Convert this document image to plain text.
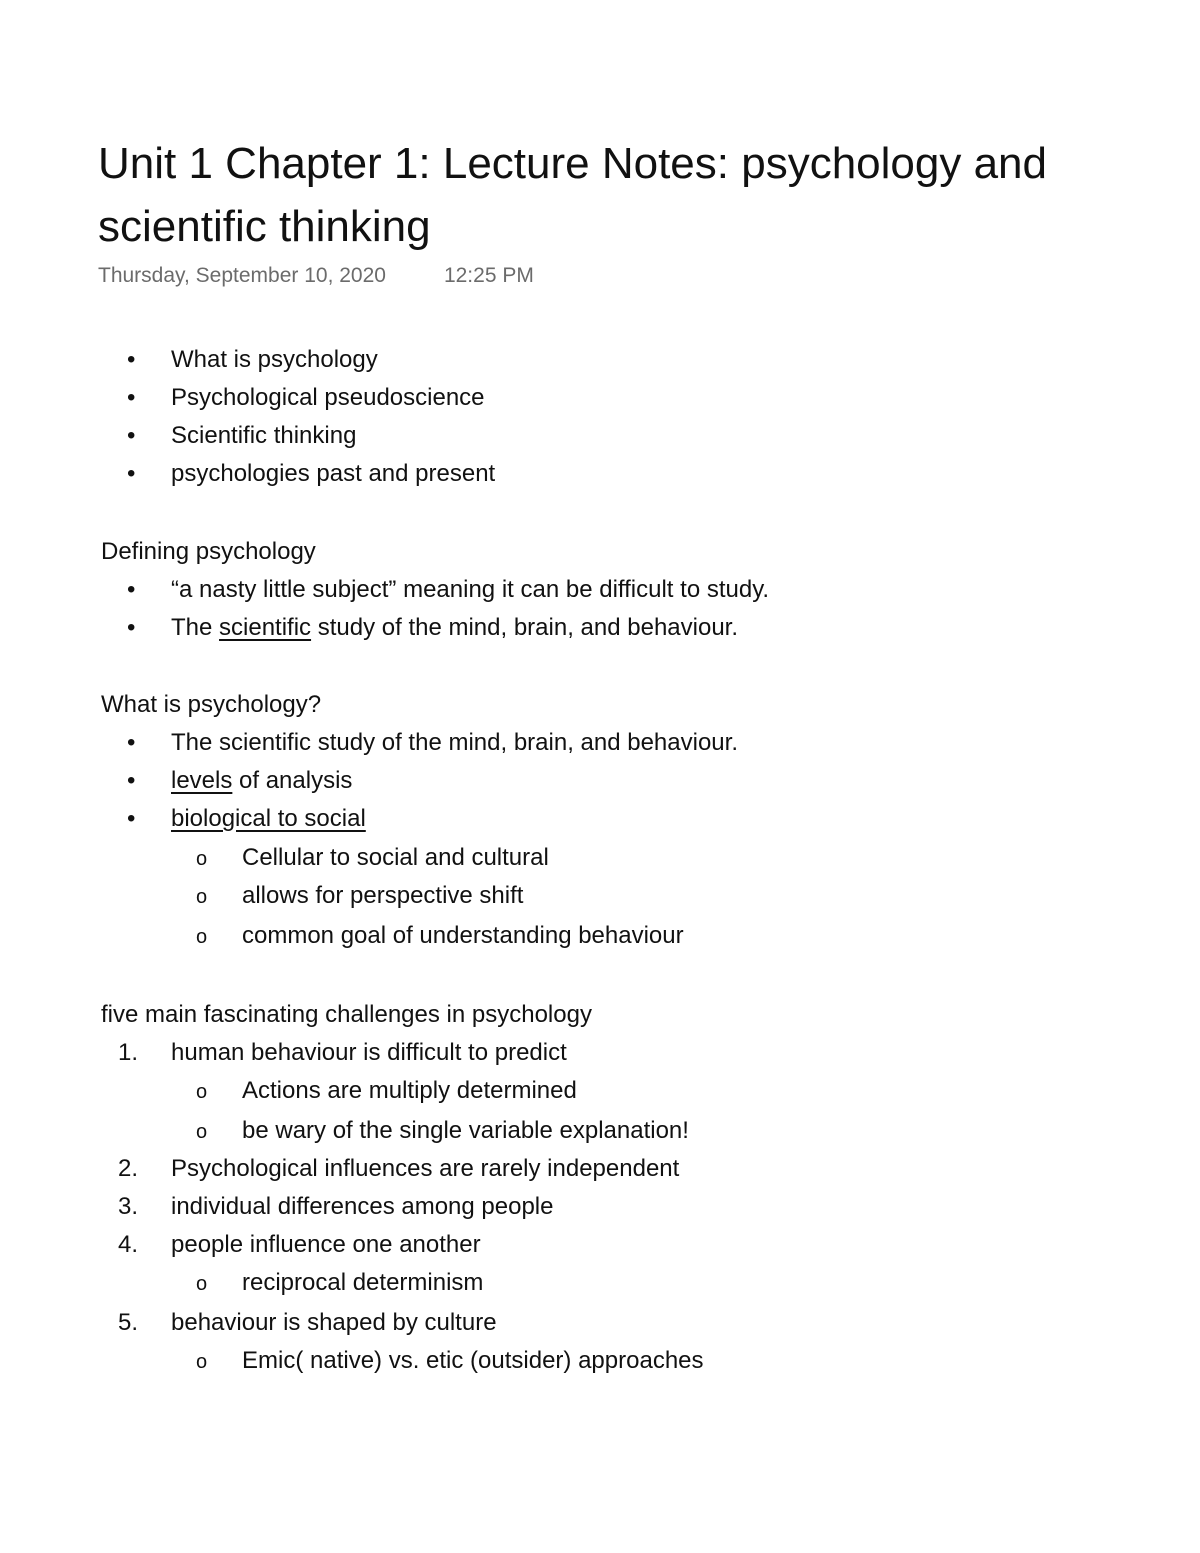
Unit 1 Chapter 1: Lecture Notes: psychology and scientific thinking
Thursday, September 10, 2020	12:25 PM
• What is psychology
• Psychological pseudoscience
• Scientific thinking
• psychologies past and present
Defining psychology
• “a nasty little subject” meaning it can be difficult to study.
• The scientific study of the mind, brain, and behaviour.
What is psychology?
• The scientific study of the mind, brain, and behaviour.
• levels of analysis
• biological to social
o Cellular to social and cultural
o allows for perspective shift
o common goal of understanding behaviour
five main fascinating challenges in psychology
1. human behaviour is difficult to predict
o Actions are multiply determined
o be wary of the single variable explanation!
2. Psychological influences are rarely independent
3. individual differences among people
4. people influence one another
o reciprocal determinism
5. behaviour is shaped by culture
o Emic( native) vs. etic (outsider) approaches
